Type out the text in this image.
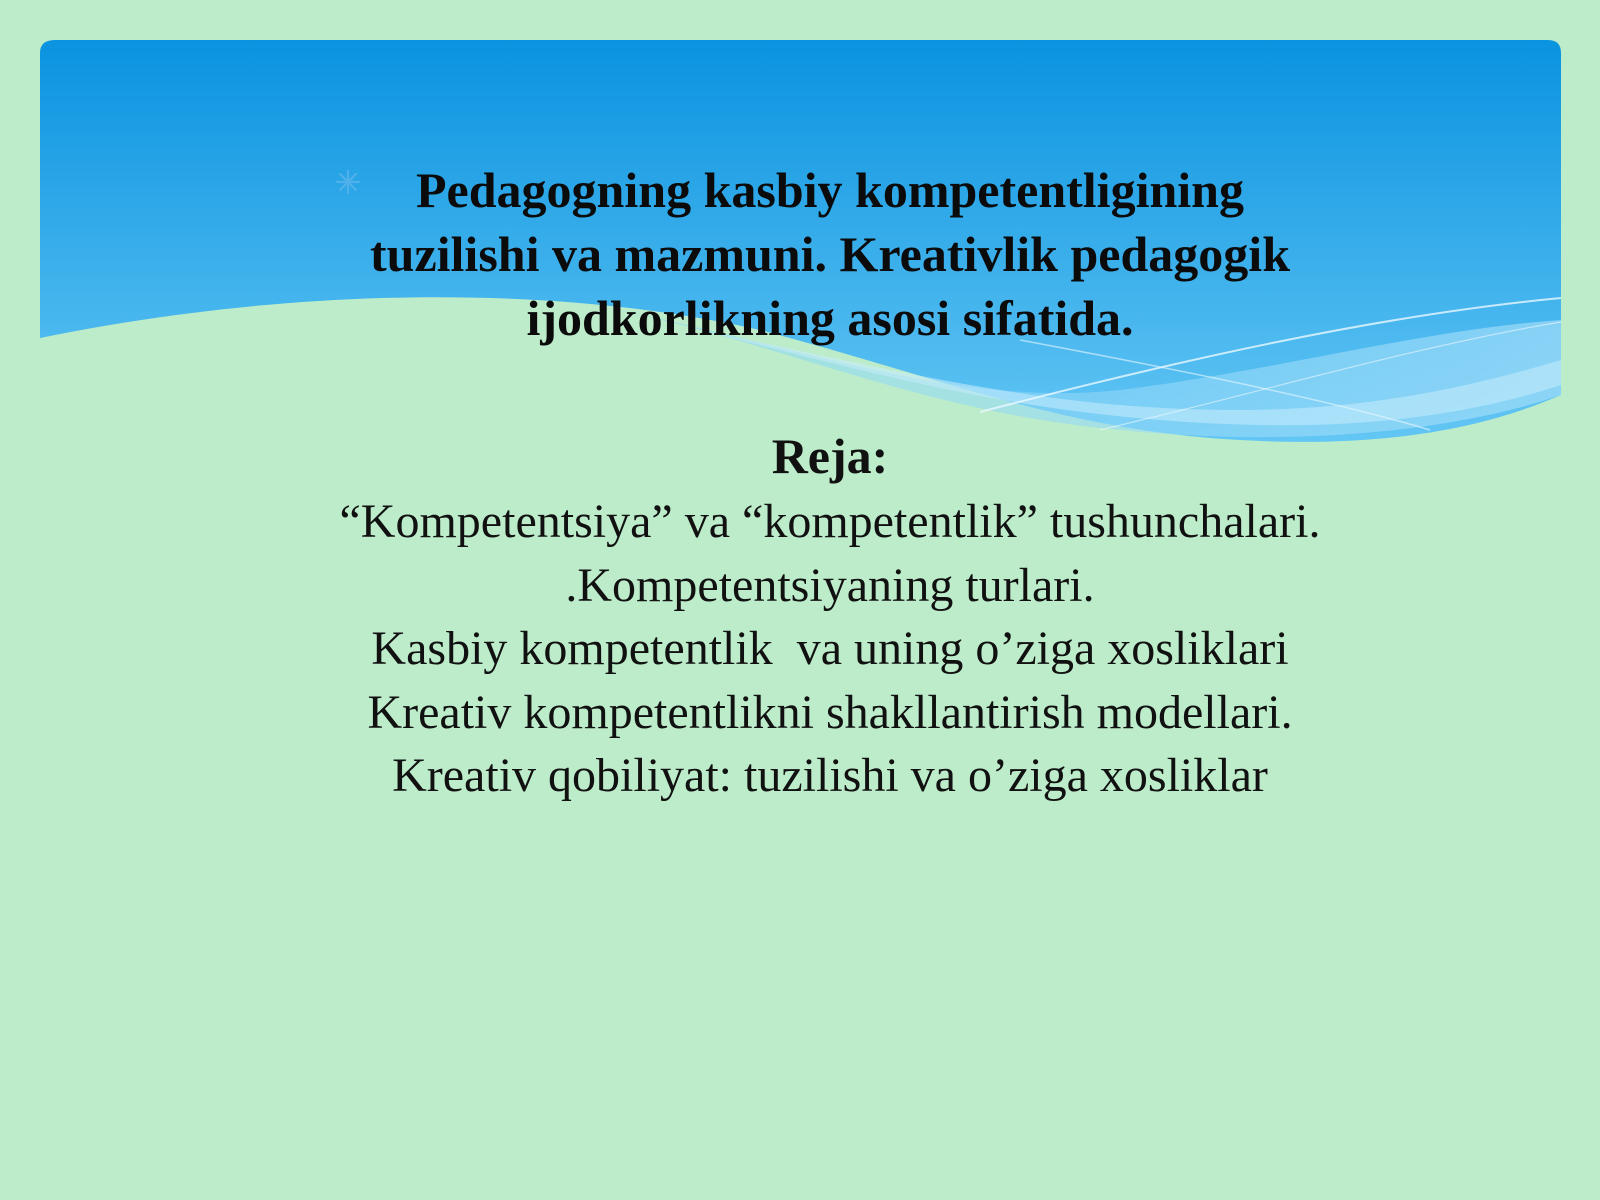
Pedagogning kasbiy kompetentligining
tuzilishi va mazmuni. Kreativlik pedagogik
ijodkorlikning asosi sifatida.
Reja:
“Kompetentsiya” va “kompetentlik” tushunchalari.
.Kompetentsiyaning turlari.
Kasbiy kompetentlik  va uning o’ziga xosliklari
Kreativ kompetentlikni shakllantirish modellari.
Kreativ qobiliyat: tuzilishi va o’ziga xosliklar
